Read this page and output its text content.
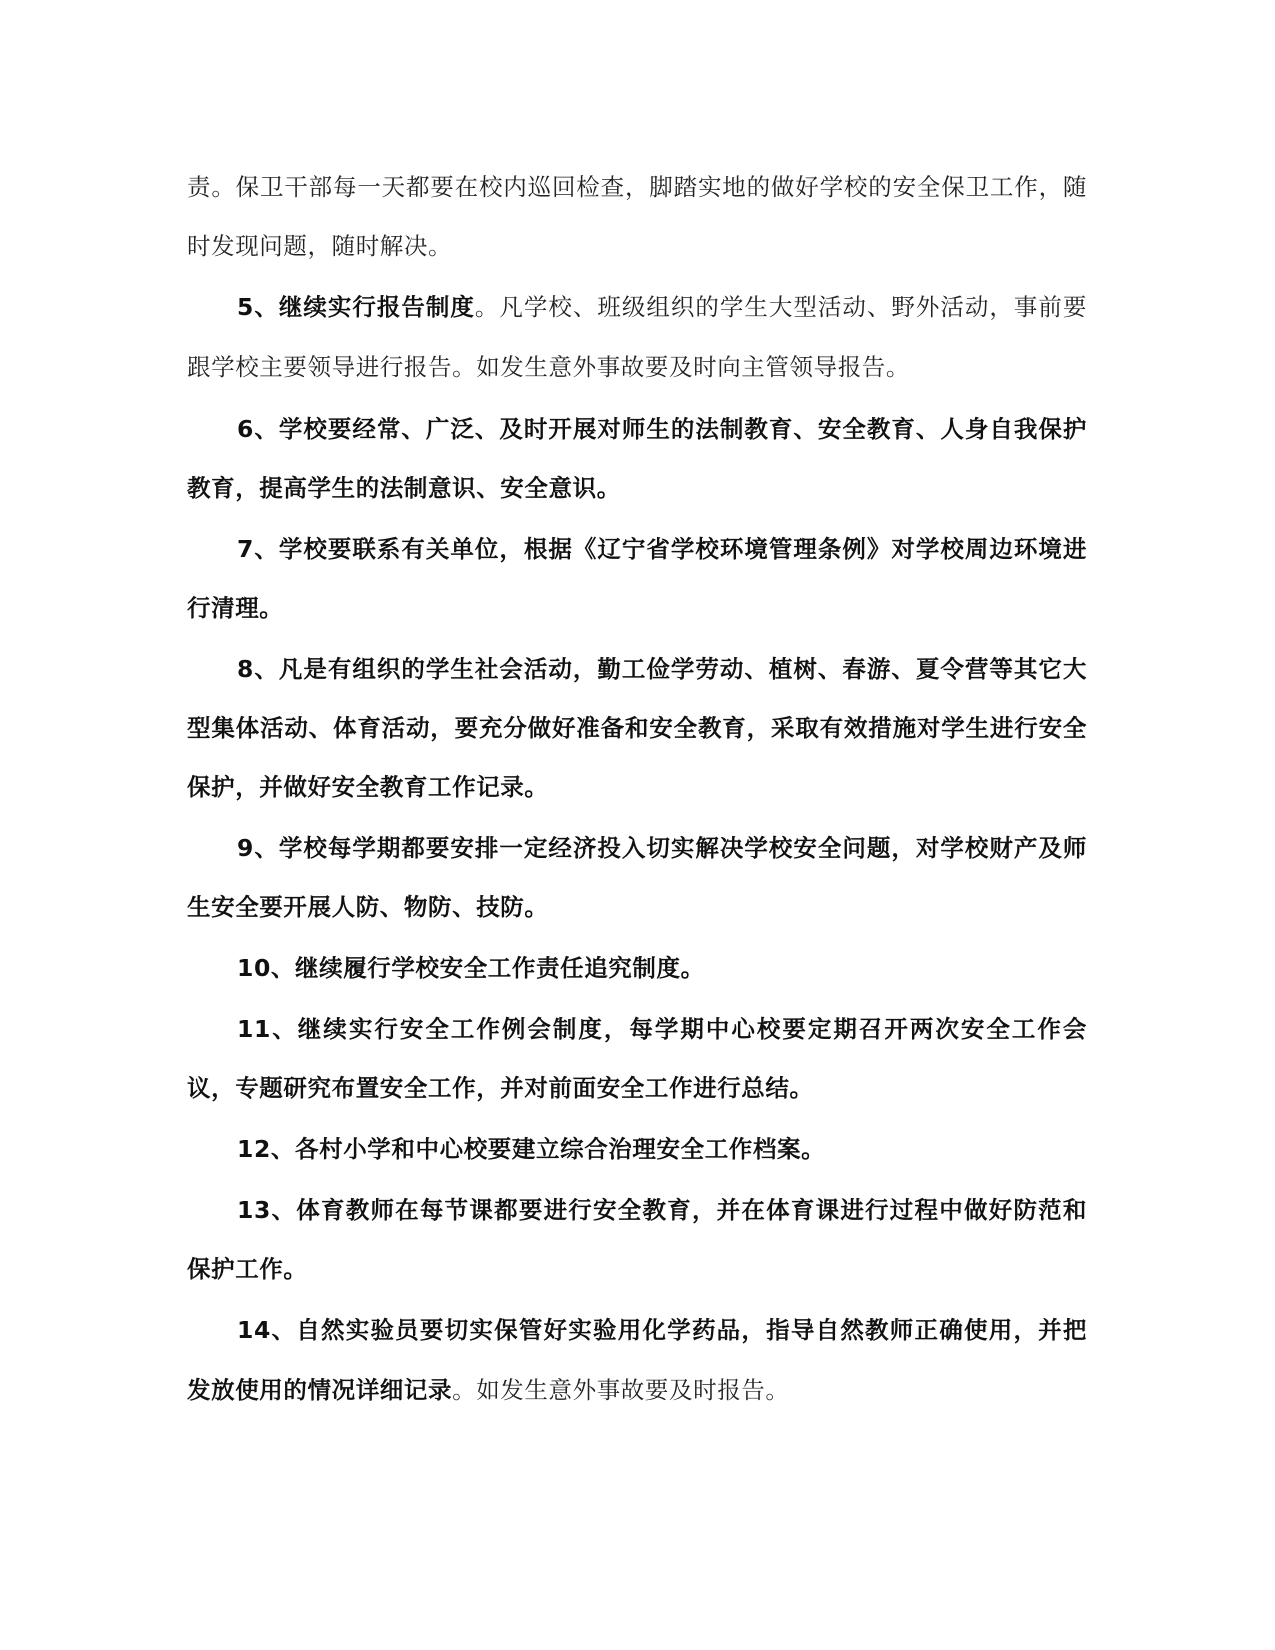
责。保卫干部每一天都要在校内巡回检查，脚踏实地的做好学校的安全保卫工作，随时发现问题，随时解决。

5、继续实行报告制度。凡学校、班级组织的学生大型活动、野外活动，事前要跟学校主要领导进行报告。如发生意外事故要及时向主管领导报告。

6、学校要经常、广泛、及时开展对师生的法制教育、安全教育、人身自我保护教育，提高学生的法制意识、安全意识。

7、学校要联系有关单位，根据《辽宁省学校环境管理条例》对学校周边环境进行清理。

8、凡是有组织的学生社会活动，勤工俭学劳动、植树、春游、夏令营等其它大型集体活动、体育活动，要充分做好准备和安全教育，采取有效措施对学生进行安全保护，并做好安全教育工作记录。

9、学校每学期都要安排一定经济投入切实解决学校安全问题，对学校财产及师生安全要开展人防、物防、技防。

10、继续履行学校安全工作责任追究制度。

11、继续实行安全工作例会制度，每学期中心校要定期召开两次安全工作会议，专题研究布置安全工作，并对前面安全工作进行总结。

12、各村小学和中心校要建立综合治理安全工作档案。

13、体育教师在每节课都要进行安全教育，并在体育课进行过程中做好防范和保护工作。

14、自然实验员要切实保管好实验用化学药品，指导自然教师正确使用，并把发放使用的情况详细记录。如发生意外事故要及时报告。
